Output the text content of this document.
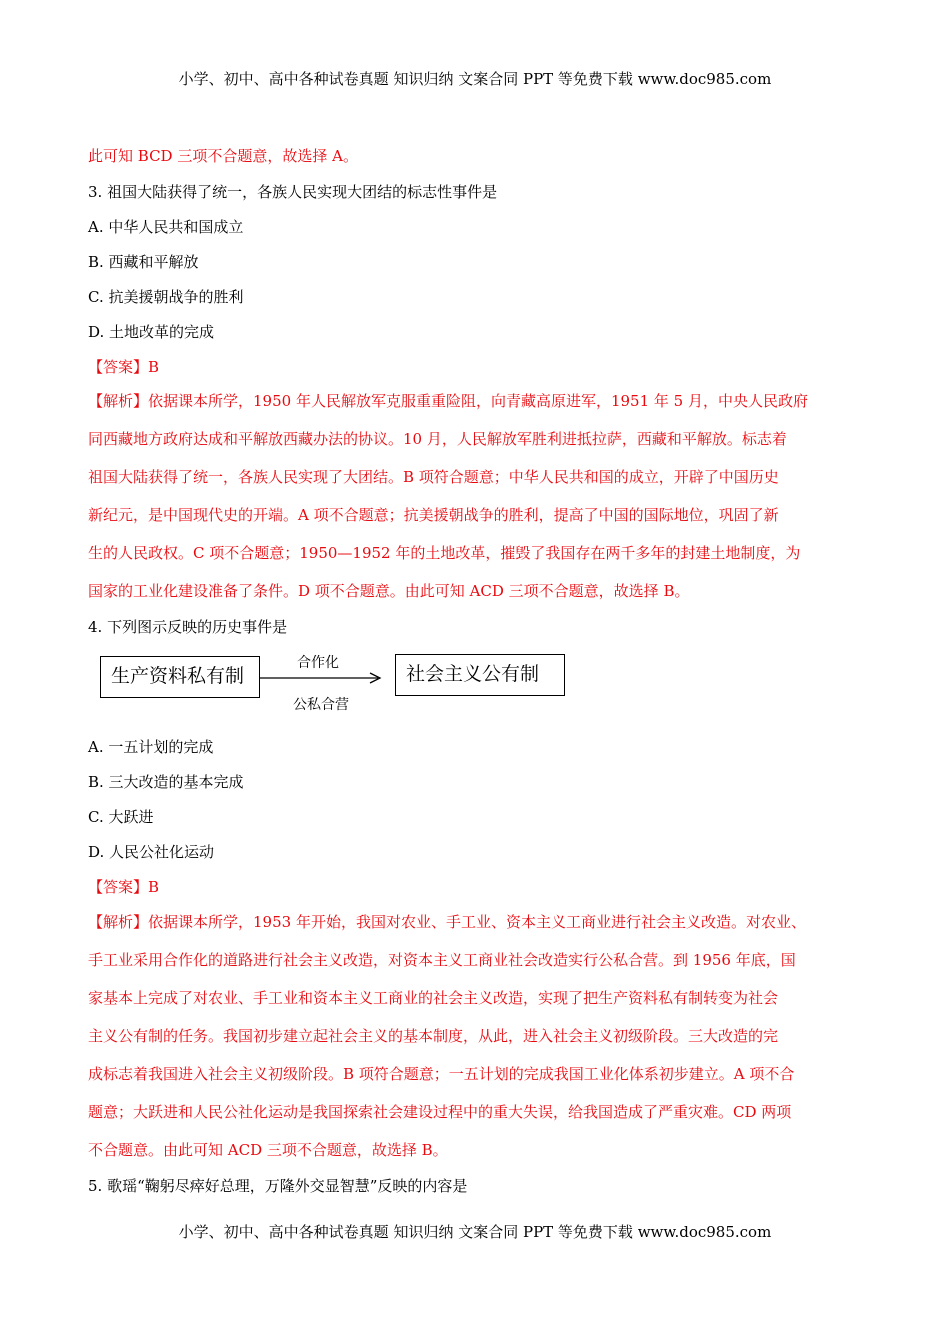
小学、初中、高中各种试卷真题 知识归纳 文案合同 PPT 等免费下载 www.doc985.com
此可知 BCD 三项不合题意，故选择 A。
3. 祖国大陆获得了统一，各族人民实现大团结的标志性事件是
A. 中华人民共和国成立
B. 西藏和平解放
C. 抗美援朝战争的胜利
D. 土地改革的完成
【答案】B
【解析】依据课本所学，1950 年人民解放军克服重重险阻，向青藏高原进军，1951 年 5 月，中央人民政府
同西藏地方政府达成和平解放西藏办法的协议。10 月，人民解放军胜利进抵拉萨，西藏和平解放。标志着
祖国大陆获得了统一，各族人民实现了大团结。B 项符合题意；中华人民共和国的成立，开辟了中国历史
新纪元，是中国现代史的开端。A 项不合题意；抗美援朝战争的胜利，提高了中国的国际地位，巩固了新
生的人民政权。C 项不合题意；1950—1952 年的土地改革，摧毁了我国存在两千多年的封建土地制度，为
国家的工业化建设准备了条件。D 项不合题意。由此可知 ACD 三项不合题意，故选择 B。
4. 下列图示反映的历史事件是
生产资料私有制
合作化
公私合营
社会主义公有制
A. 一五计划的完成
B. 三大改造的基本完成
C. 大跃进
D. 人民公社化运动
【答案】B
【解析】依据课本所学，1953 年开始，我国对农业、手工业、资本主义工商业进行社会主义改造。对农业、
手工业采用合作化的道路进行社会主义改造，对资本主义工商业社会改造实行公私合营。到 1956 年底，国
家基本上完成了对农业、手工业和资本主义工商业的社会主义改造，实现了把生产资料私有制转变为社会
主义公有制的任务。我国初步建立起社会主义的基本制度，从此，进入社会主义初级阶段。三大改造的完
成标志着我国进入社会主义初级阶段。B 项符合题意；一五计划的完成我国工业化体系初步建立。A 项不合
题意；大跃进和人民公社化运动是我国探索社会建设过程中的重大失误，给我国造成了严重灾难。CD 两项
不合题意。由此可知 ACD 三项不合题意，故选择 B。
5. 歌瑶“鞠躬尽瘁好总理，万隆外交显智慧”反映的内容是
小学、初中、高中各种试卷真题 知识归纳 文案合同 PPT 等免费下载 www.doc985.com
